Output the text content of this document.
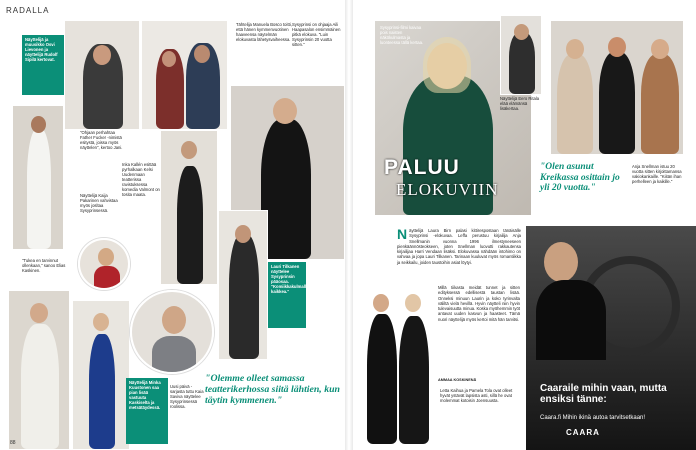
RADALLA
Näyttelijä ja muusikko Osvi Lievonen ja näyttelijä Rudolf Sipilä kertovat.
Tähtelija Manuela Bosco toitti, että hänen kymmenvuotinen haaveensa näytelmän elokuvasta lähetysvaiheessa.
Sysyprinsi on ohjaaja Aili Haapasalon ensimmäinen pitkä elokuva. "Luin Sysyprinsin 20 vuotta sitten."
"Ohjaan perhahtaa Father Fucker -nimistä esitystä, joissa myös näyttelen", kertoo Jani.
Näyttelijä Kaija Pakarinen vahvistaa myös josltaa Sysyprinsessä.
Inka Kallén esittää pyrhalkaan Kelsi Uudenmaan teatterissa ravistuksessa komedia Valmont on tosita maata.
"Tukea en tarvinnut ollenkaan," sanoo Elias Kaskinen.
Lauri Tilkanen näyttelee Sysyprinsin pääosaa. "Komiikkakulmalla kaikkea."
88
Näyttelijä Minka Kuustonen saa pian lisää vastuuta Kaskiselta ja metsätäydessä.
Uusi päivä -sarjasta tuttu Kaia Saviva näyttelee Sysyprinsessä roolissa.
"Olemme olleet samassa teatterikerhossa siitä lähtien, kun täytin kymmenen."
Sysyprinsi-filmi kaivaa pois naisten näkökulmasta ja luonteessa tällä kertaa.
PALUU
ELOKUVIIN
Näyttelijä Eero Ritala elää elämänsä lisäkertaa.
"Olen asunut Kreikassa osittain jo yli 20 vuotta."
Anja Snellman istuu 20 vuotta sitten kirjoittamansa vakiokankaille. "Kiitän ihan perhelleen ja kaikille."
Näyttelijä Laura Birn palasi kittirespostaan tänäisälle Sysyprinsi -elokuvaa. Leffa perustuu kirjailija Anja Snellmanin vuonna 1996 ilmestyneeseen pienkäännösteokseen, joten Snellman luovutti rakkautensa kirjailijaa Harri Vendaan lisäksi. Elokuvassa nähdään intohimo on vahvaa ja jopa Lauri Tilkanen. Tarinaan kuuluvat myös romantiikka ja seikkailu, joiden taustoihin asiat löytyi.
Millä tiikasta meidät tunnet ja sitten edityksessä edellisestä taustan lisää. Onneksi minuun Laurin ja koko tyrinvalta väliltä vielä hevillä. Hyvin näytteli niin hyvin tulevaisuutta minua. Koska myöhemmin työt antavat uuden kasvun ja haasteet. Tämä nuori näyttelijä myös kertoi mitä hän tarvitsi.
AMMAA KOSKINENÄ
Letta Kaihua ja Pamela Tola ovat olleet hyvät ystävät lapsista asti, sillä he ovat molemmat kotoisin Joensuusta.
Caaraile mihin vaan, mutta ensiksi tänne:
Caara.fi Mihin ikinä autoa tarvitsetkaan!
CAARA
